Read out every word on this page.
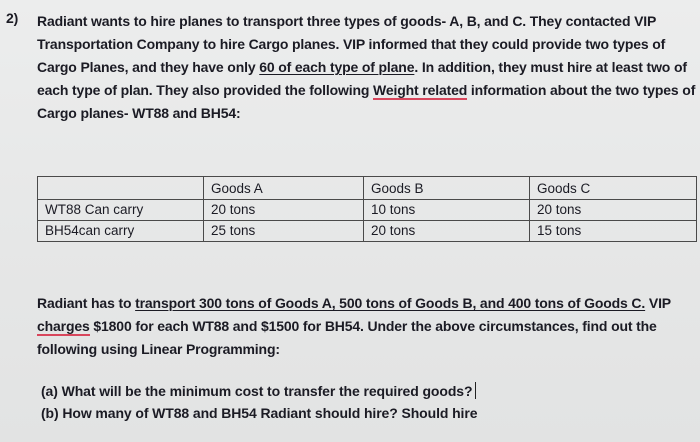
2) Radiant wants to hire planes to transport three types of goods- A, B, and C. They contacted VIP Transportation Company to hire Cargo planes. VIP informed that they could provide two types of Cargo Planes, and they have only 60 of each type of plane. In addition, they must hire at least two of each type of plan. They also provided the following Weight related information about the two types of Cargo planes- WT88 and BH54:
	Goods A	Goods B	Goods C
WT88 Can carry	20 tons	10 tons	20 tons
BH54can carry	25 tons	20 tons	15 tons
Radiant has to transport 300 tons of Goods A, 500 tons of Goods B, and 400 tons of Goods C. VIP charges $1800 for each WT88 and $1500 for BH54. Under the above circumstances, find out the following using Linear Programming:
(a) What will be the minimum cost to transfer the required goods?
(b) How many of WT88 and BH54 Radiant should hire? Should hire
